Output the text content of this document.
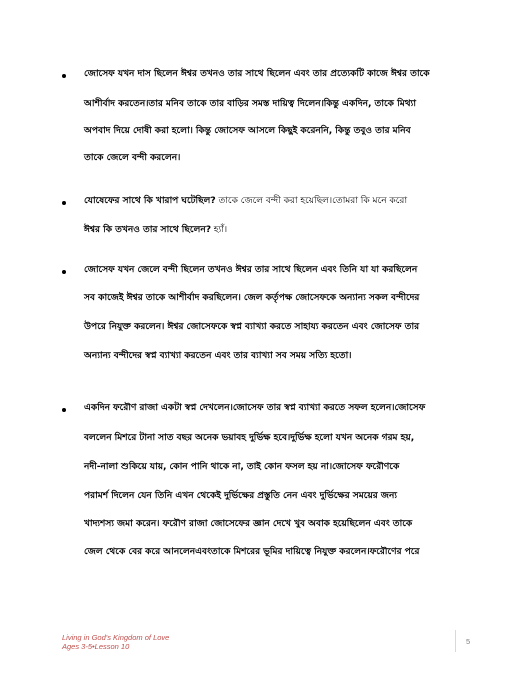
জোসেফ যখন দাস ছিলেন ঈশ্বর তখনও তার সাথে ছিলেন এবং তার প্রত্যেকটি কাজে ঈশ্বর তাকে
আশীর্বাদ করতেন।তার মনিব তাকে তার বাড়ির সমস্ত দায়িত্ব দিলেন।কিন্তু একদিন, তাকে মিথ্যা
অপবাদ দিয়ে দোষী করা হলো। কিন্তু জোসেফ আসলে কিছুই করেননি, কিন্তু তবুও তার মনিব
তাকে জেলে বন্দী করলেন।
যোষেফের সাথে কি খারাপ ঘটেছিল? তাকে জেলে বন্দী করা হয়েছিল।তোমরা কি মনে করো
ঈশ্বর কি তখনও তার সাথে ছিলেন? হ্যাঁ।
জোসেফ যখন জেলে বন্দী ছিলেন তখনও ঈশ্বর তার সাথে ছিলেন এবং তিনি যা যা করছিলেন
সব কাজেই ঈশ্বর তাকে আশীর্বাদ করছিলেন। জেল কর্তৃপক্ষ জোসেফকে অন্যান্য সকল বন্দীদের
উপরে নিযুক্ত করলেন। ঈশ্বর জোসেফকে স্বপ্ন ব্যাখ্যা করতে সাহায্য করতেন এবং জোসেফ তার
অন্যান্য বন্দীদের স্বপ্ন ব্যাখ্যা করতেন এবং তার ব্যাখ্যা সব সময় সত্যি হতো।
একদিন ফরৌণ রাজা একটা স্বপ্ন দেখলেন।জোসেফ তার স্বপ্ন ব্যাখ্যা করতে সফল হলেন।জোসেফ
বললেন মিশরে টানা সাত বছর অনেক ভয়াবহ দুর্ভিক্ষ হবে।দুর্ভিক্ষ হলো যখন অনেক গরম হয়,
নদী-নালা শুকিয়ে যায়, কোন পানি থাকে না, তাই কোন ফসল হয় না।জোসেফ ফরৌণকে
পরামর্শ দিলেন যেন তিনি এখন থেকেই দুর্ভিক্ষের প্রস্তুতি নেন এবং দুর্ভিক্ষের সময়ের জন্য
খাদ্যশস্য জমা করেন। ফরৌণ রাজা জোসেফের জ্ঞান দেখে খুব অবাক হয়েছিলেন এবং তাকে
জেল থেকে বের করে আনলেনএবংতাকে মিশরের ভূমির দায়িত্বে নিযুক্ত করলেন।ফরৌণের পরে
Living in God's Kingdom of Love
Ages 3-5•Lesson 10
5
